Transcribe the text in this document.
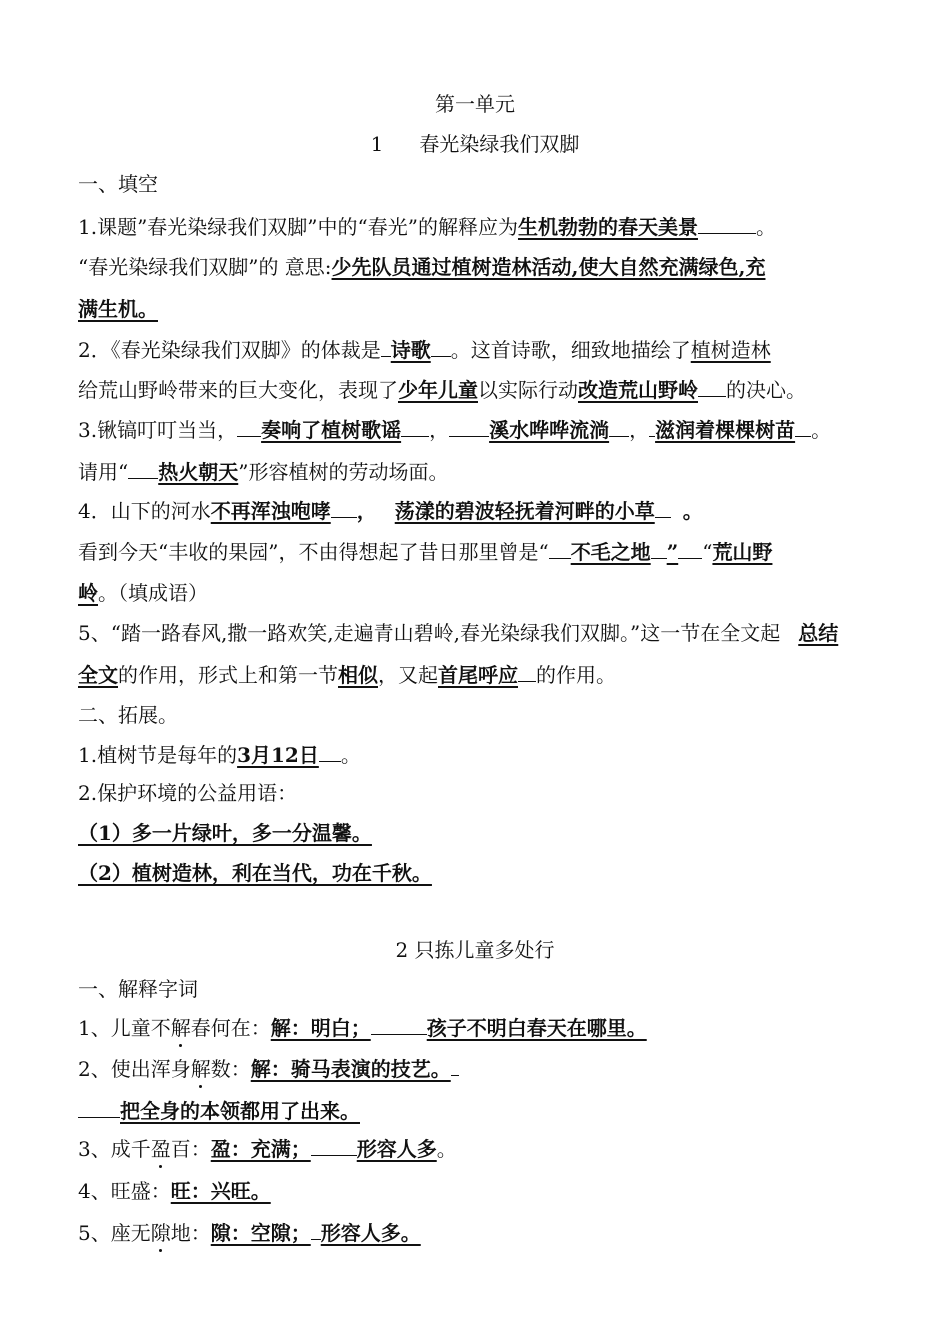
第一单元
1 春光染绿我们双脚
一、填空
1.课题”春光染绿我们双脚”中的“春光”的解释应为生机勃勃的春天美景	。
“春光染绿我们双脚”的 意思:少先队员通过植树造林活动,使大自然充满绿色,充
满生机。
2．《春光染绿我们双脚》的体裁是 诗歌 。这首诗歌，细致地描绘了植树造林
给荒山野岭带来的巨大变化，表现了少年儿童以实际行动改造荒山野岭 的决心。
3.锹镐叮叮当当， 奏响了植树歌谣 ， 溪水哗哗流淌 ， 滋润着棵棵树苗 。
请用“ 热火朝天”形容植树的劳动场面。
4．山下的河水不再浑浊咆哮 ， 荡漾的碧波轻抚着河畔的小草 。
看到今天“丰收的果园”，不由得想起了昔日那里曾是“ 不毛之地 ” “荒山野
岭。（填成语）
5、“踏一路春风,撒一路欢笑,走遍青山碧岭,春光染绿我们双脚。”这一节在全文起 总结
全文的作用，形式上和第一节相似，又起首尾呼应 的作用。
二、拓展。
1.植树节是每年的3月12日 。
2.保护环境的公益用语：
（1）多一片绿叶，多一分温馨。
（2）植树造林，利在当代，功在千秋。
2 只拣儿童多处行
一、解释字词
1、儿童不解春何在：解：明白；	孩子不明白春天在哪里。
2、使出浑身解数：解：骑马表演的技艺。
把全身的本领都用了出来。
3、成千盈百：盈：充满； 形容人多。
4、旺盛：旺：兴旺。
5、座无隙地：隙：空隙； 形容人多。
